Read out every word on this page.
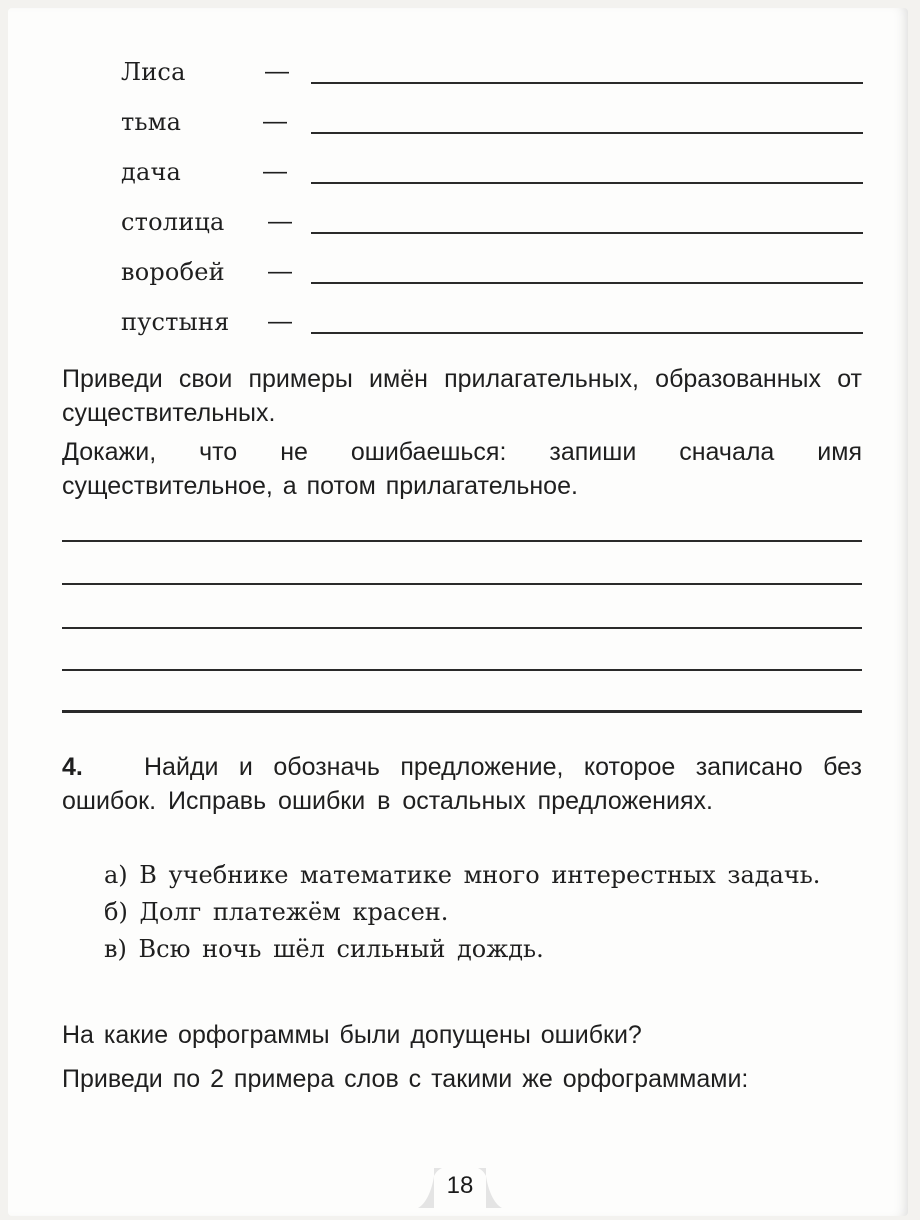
Лиса	—
тьма	—
дача	—
столица —
воробей —
пустыня —
Приведи свои примеры имён прилагательных, образованных от существительных.
Докажи, что не ошибаешься: запиши сначала имя существительное, а потом прилагательное.
4. Найди и обозначь предложение, которое записано без ошибок. Исправь ошибки в остальных предложениях.
а) В учебнике математике много интерестных задачь.
б) Долг платежём красен.
в) Всю ночь шёл сильный дождь.
На какие орфограммы были допущены ошибки?
Приведи по 2 примера слов с такими же орфограммами:
18
